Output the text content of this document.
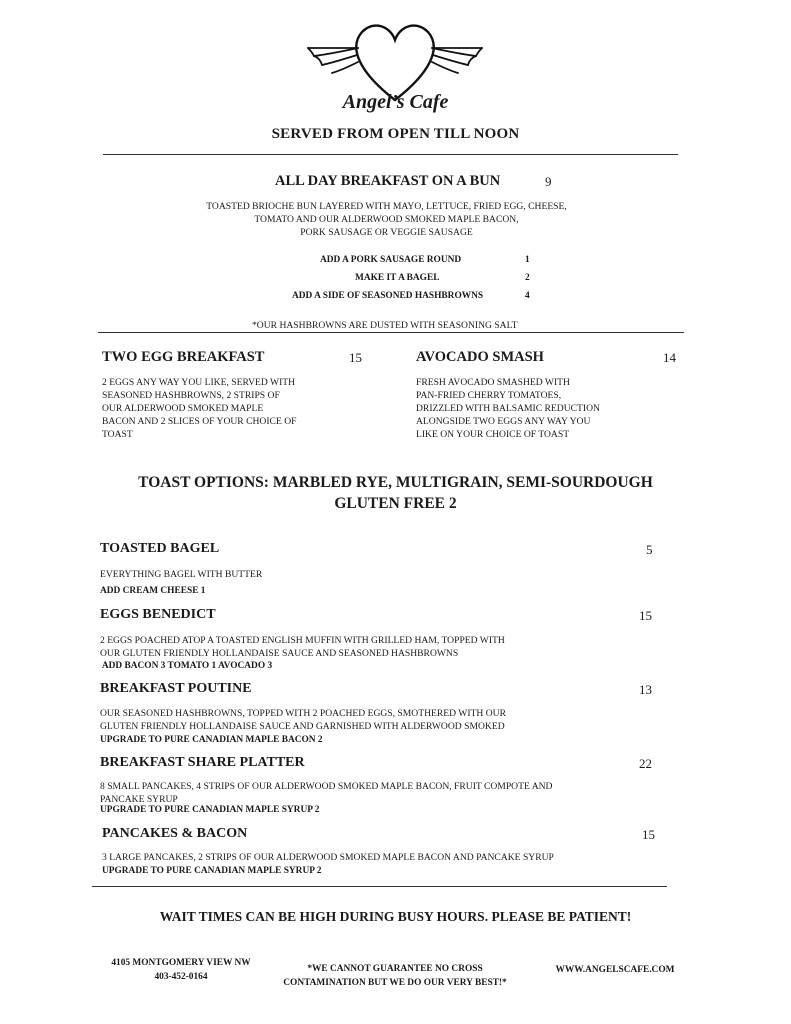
Angel’s Cafe
SERVED FROM OPEN TILL NOON
ALL DAY BREAKFAST ON A BUN	9
TOASTED BRIOCHE BUN LAYERED WITH MAYO, LETTUCE, FRIED EGG, CHEESE,
TOMATO AND OUR ALDERWOOD SMOKED MAPLE BACON,
PORK SAUSAGE OR VEGGIE SAUSAGE
ADD A PORK SAUSAGE ROUND	1
MAKE IT A BAGEL	2
ADD A SIDE OF SEASONED HASHBROWNS	4
*OUR HASHBROWNS ARE DUSTED WITH SEASONING SALT
TWO EGG BREAKFAST	15
2 EGGS ANY WAY YOU LIKE, SERVED WITH
SEASONED HASHBROWNS, 2 STRIPS OF
OUR ALDERWOOD SMOKED MAPLE
BACON AND 2 SLICES OF YOUR CHOICE OF
TOAST
AVOCADO SMASH	14
FRESH AVOCADO SMASHED WITH
PAN-FRIED CHERRY TOMATOES,
DRIZZLED WITH BALSAMIC REDUCTION
ALONGSIDE TWO EGGS ANY WAY YOU
LIKE ON YOUR CHOICE OF TOAST
TOAST OPTIONS: MARBLED RYE, MULTIGRAIN, SEMI-SOURDOUGH
GLUTEN FREE 2
TOASTED BAGEL	5
EVERYTHING BAGEL WITH BUTTER
ADD CREAM CHEESE 1
EGGS BENEDICT	15
2 EGGS POACHED ATOP A TOASTED ENGLISH MUFFIN WITH GRILLED HAM, TOPPED WITH
OUR GLUTEN FRIENDLY HOLLANDAISE SAUCE AND SEASONED HASHBROWNS
ADD BACON 3 TOMATO 1 AVOCADO 3
BREAKFAST POUTINE	13
OUR SEASONED HASHBROWNS, TOPPED WITH 2 POACHED EGGS, SMOTHERED WITH OUR
GLUTEN FRIENDLY HOLLANDAISE SAUCE AND GARNISHED WITH ALDERWOOD SMOKED
UPGRADE TO PURE CANADIAN MAPLE BACON 2
BREAKFAST SHARE PLATTER	22
8 SMALL PANCAKES, 4 STRIPS OF OUR ALDERWOOD SMOKED MAPLE BACON, FRUIT COMPOTE AND
PANCAKE SYRUP
UPGRADE TO PURE CANADIAN MAPLE SYRUP 2
PANCAKES & BACON	15
3 LARGE PANCAKES, 2 STRIPS OF OUR ALDERWOOD SMOKED MAPLE BACON AND PANCAKE SYRUP
UPGRADE TO PURE CANADIAN MAPLE SYRUP 2
WAIT TIMES CAN BE HIGH DURING BUSY HOURS. PLEASE BE PATIENT!
4105 MONTGOMERY VIEW NW
403-452-0164
*WE CANNOT GUARANTEE NO CROSS
CONTAMINATION BUT WE DO OUR VERY BEST!*
WWW.ANGELSCAFE.COM
